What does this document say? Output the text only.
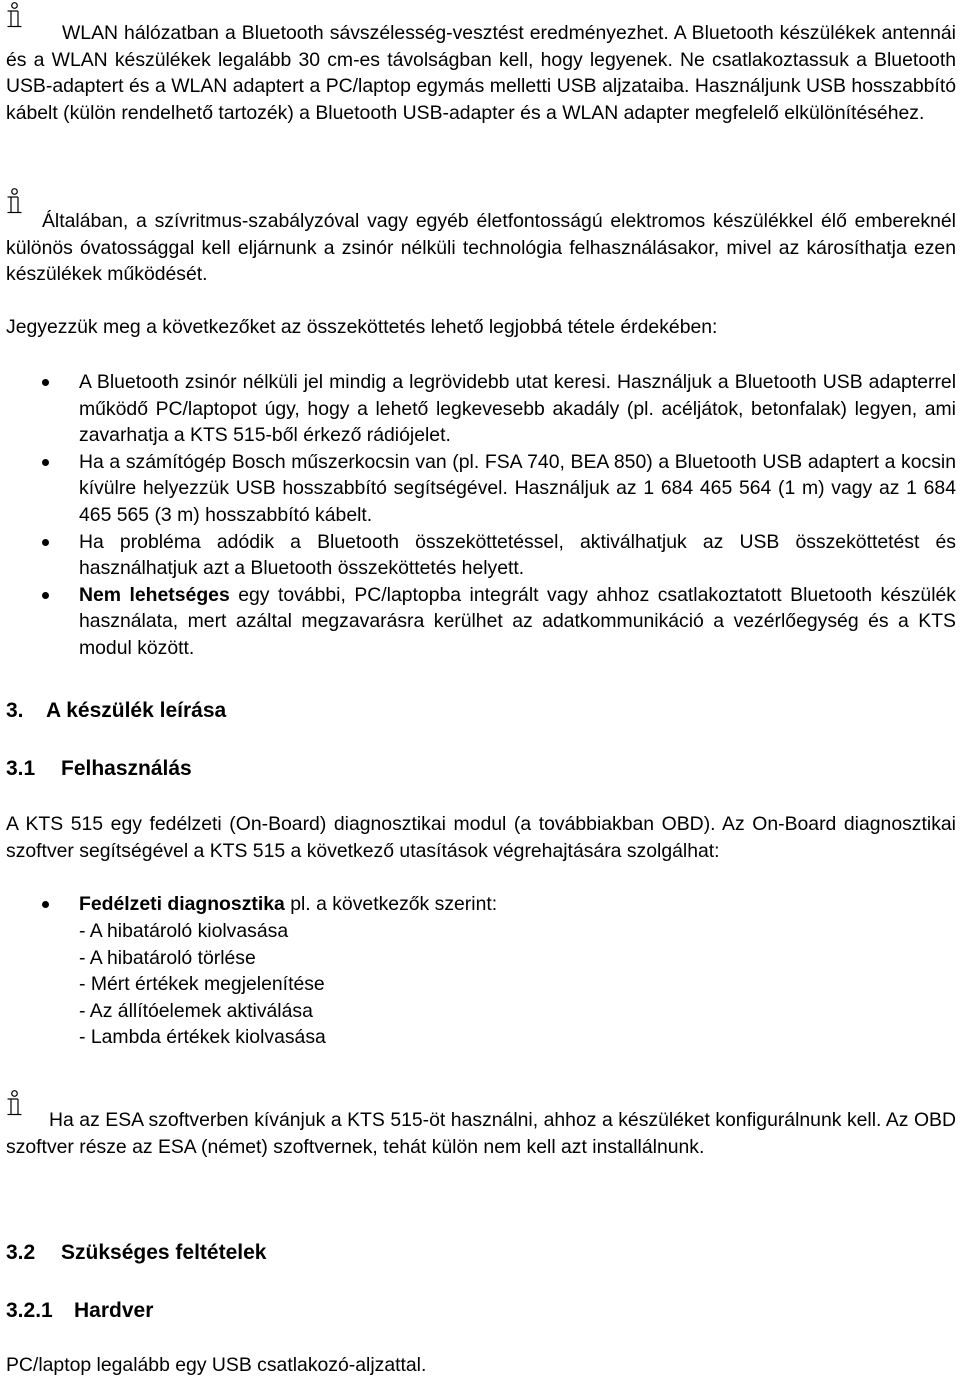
WLAN hálózatban a Bluetooth sávszélesség-vesztést eredményezhet. A Bluetooth készülékek antennái és a WLAN készülékek legalább 30 cm-es távolságban kell, hogy legyenek. Ne csatlakoztassuk a Bluetooth USB-adaptert és a WLAN adaptert a PC/laptop egymás melletti USB aljzataiba. Használjunk USB hosszabbító kábelt (külön rendelhető tartozék) a Bluetooth USB-adapter és a WLAN adapter megfelelő elkülönítéséhez.

Általában, a szívritmus-szabályzóval vagy egyéb életfontosságú elektromos készülékkel élő embereknél különös óvatossággal kell eljárnunk a zsinór nélküli technológia felhasználásakor, mivel az károsíthatja ezen készülékek működését.

Jegyezzük meg a következőket az összeköttetés lehető legjobbá tétele érdekében:

A Bluetooth zsinór nélküli jel mindig a legrövidebb utat keresi. Használjuk a Bluetooth USB adapterrel működő PC/laptopot úgy, hogy a lehető legkevesebb akadály (pl. acéljátok, betonfalak) legyen, ami zavarhatja a KTS 515-ből érkező rádiójelet.
Ha a számítógép Bosch műszerkocsin van (pl. FSA 740, BEA 850) a Bluetooth USB adaptert a kocsin kívülre helyezzük USB hosszabbító segítségével. Használjuk az 1 684 465 564 (1 m) vagy az 1 684 465 565 (3 m) hosszabbító kábelt.
Ha probléma adódik a Bluetooth összeköttetéssel, aktiválhatjuk az USB összeköttetést és használhatjuk azt a Bluetooth összeköttetés helyett.
Nem lehetséges egy további, PC/laptopba integrált vagy ahhoz csatlakoztatott Bluetooth készülék használata, mert azáltal megzavarásra kerülhet az adatkommunikáció a vezérlőegység és a KTS modul között.
3. A készülék leírása
3.1 Felhasználás

A KTS 515 egy fedélzeti (On-Board) diagnosztikai modul (a továbbiakban OBD). Az On-Board diagnosztikai szoftver segítségével a KTS 515 a következő utasítások végrehajtására szolgálhat:

Fedélzeti diagnosztika pl. a következők szerint:
- A hibatároló kiolvasása
- A hibatároló törlése
- Mért értékek megjelenítése
- Az állítóelemek aktiválása
- Lambda értékek kiolvasása

Ha az ESA szoftverben kívánjuk a KTS 515-öt használni, ahhoz a készüléket konfigurálnunk kell. Az OBD szoftver része az ESA (német) szoftvernek, tehát külön nem kell azt installálnunk.

3.2 Szükséges feltételek
3.2.1 Hardver

PC/laptop legalább egy USB csatlakozó-aljzattal.
